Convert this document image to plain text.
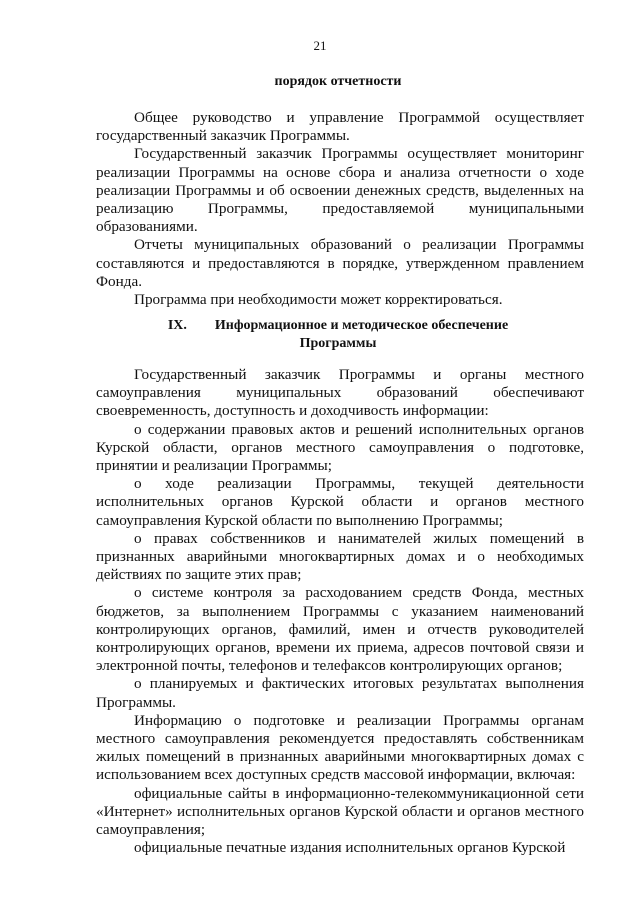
21
порядок отчетности

Общее руководство и управление Программой осуществляет государственный заказчик Программы.

Государственный заказчик Программы осуществляет мониторинг реализации Программы на основе сбора и анализа отчетности о ходе реализации Программы и об освоении денежных средств, выделенных на реализацию Программы, предоставляемой муниципальными образованиями.

Отчеты муниципальных образований о реализации Программы составляются и предоставляются в порядке, утвержденном правлением Фонда.

Программа при необходимости может корректироваться.

IX. Информационное и методическое обеспечение
Программы

Государственный заказчик Программы и органы местного самоуправления муниципальных образований обеспечивают своевременность, доступность и доходчивость информации:

о содержании правовых актов и решений исполнительных органов Курской области, органов местного самоуправления о подготовке, принятии и реализации Программы;

о ходе реализации Программы, текущей деятельности исполнительных органов Курской области и органов местного самоуправления Курской области по выполнению Программы;

о правах собственников и нанимателей жилых помещений в признанных аварийными многоквартирных домах и о необходимых действиях по защите этих прав;

о системе контроля за расходованием средств Фонда, местных бюджетов, за выполнением Программы с указанием наименований контролирующих органов, фамилий, имен и отчеств руководителей контролирующих органов, времени их приема, адресов почтовой связи и электронной почты, телефонов и телефаксов контролирующих органов;

о планируемых и фактических итоговых результатах выполнения Программы.

Информацию о подготовке и реализации Программы органам местного самоуправления рекомендуется предоставлять собственникам жилых помещений в признанных аварийными многоквартирных домах с использованием всех доступных средств массовой информации, включая:

официальные сайты в информационно-телекоммуникационной сети «Интернет» исполнительных органов Курской области и органов местного самоуправления;

официальные печатные издания исполнительных органов Курской
